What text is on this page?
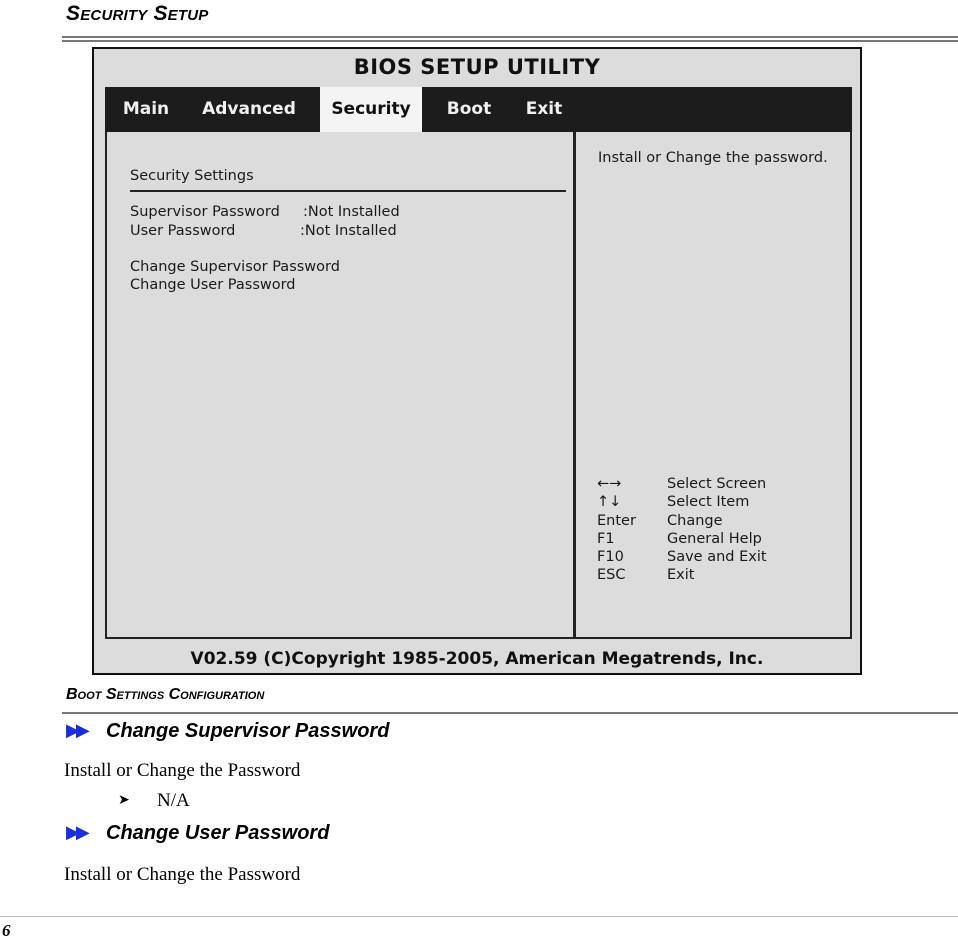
Security Setup
BIOS SETUP UTILITY
Main	Advanced	Security	Boot	Exit
Security Settings
Supervisor Password :Not Installed
User Password	:Not Installed
Change Supervisor Password
Change User Password
Install or Change the password.
←→	Select Screen
↑↓	Select Item
Enter	Change
F1	General Help
F10	Save and Exit
ESC	Exit
V02.59 (C)Copyright 1985-2005, American Megatrends, Inc.
Boot Settings Configuration
▶▶ Change Supervisor Password
Install or Change the Password
➤ N/A
▶▶ Change User Password
Install or Change the Password
6
